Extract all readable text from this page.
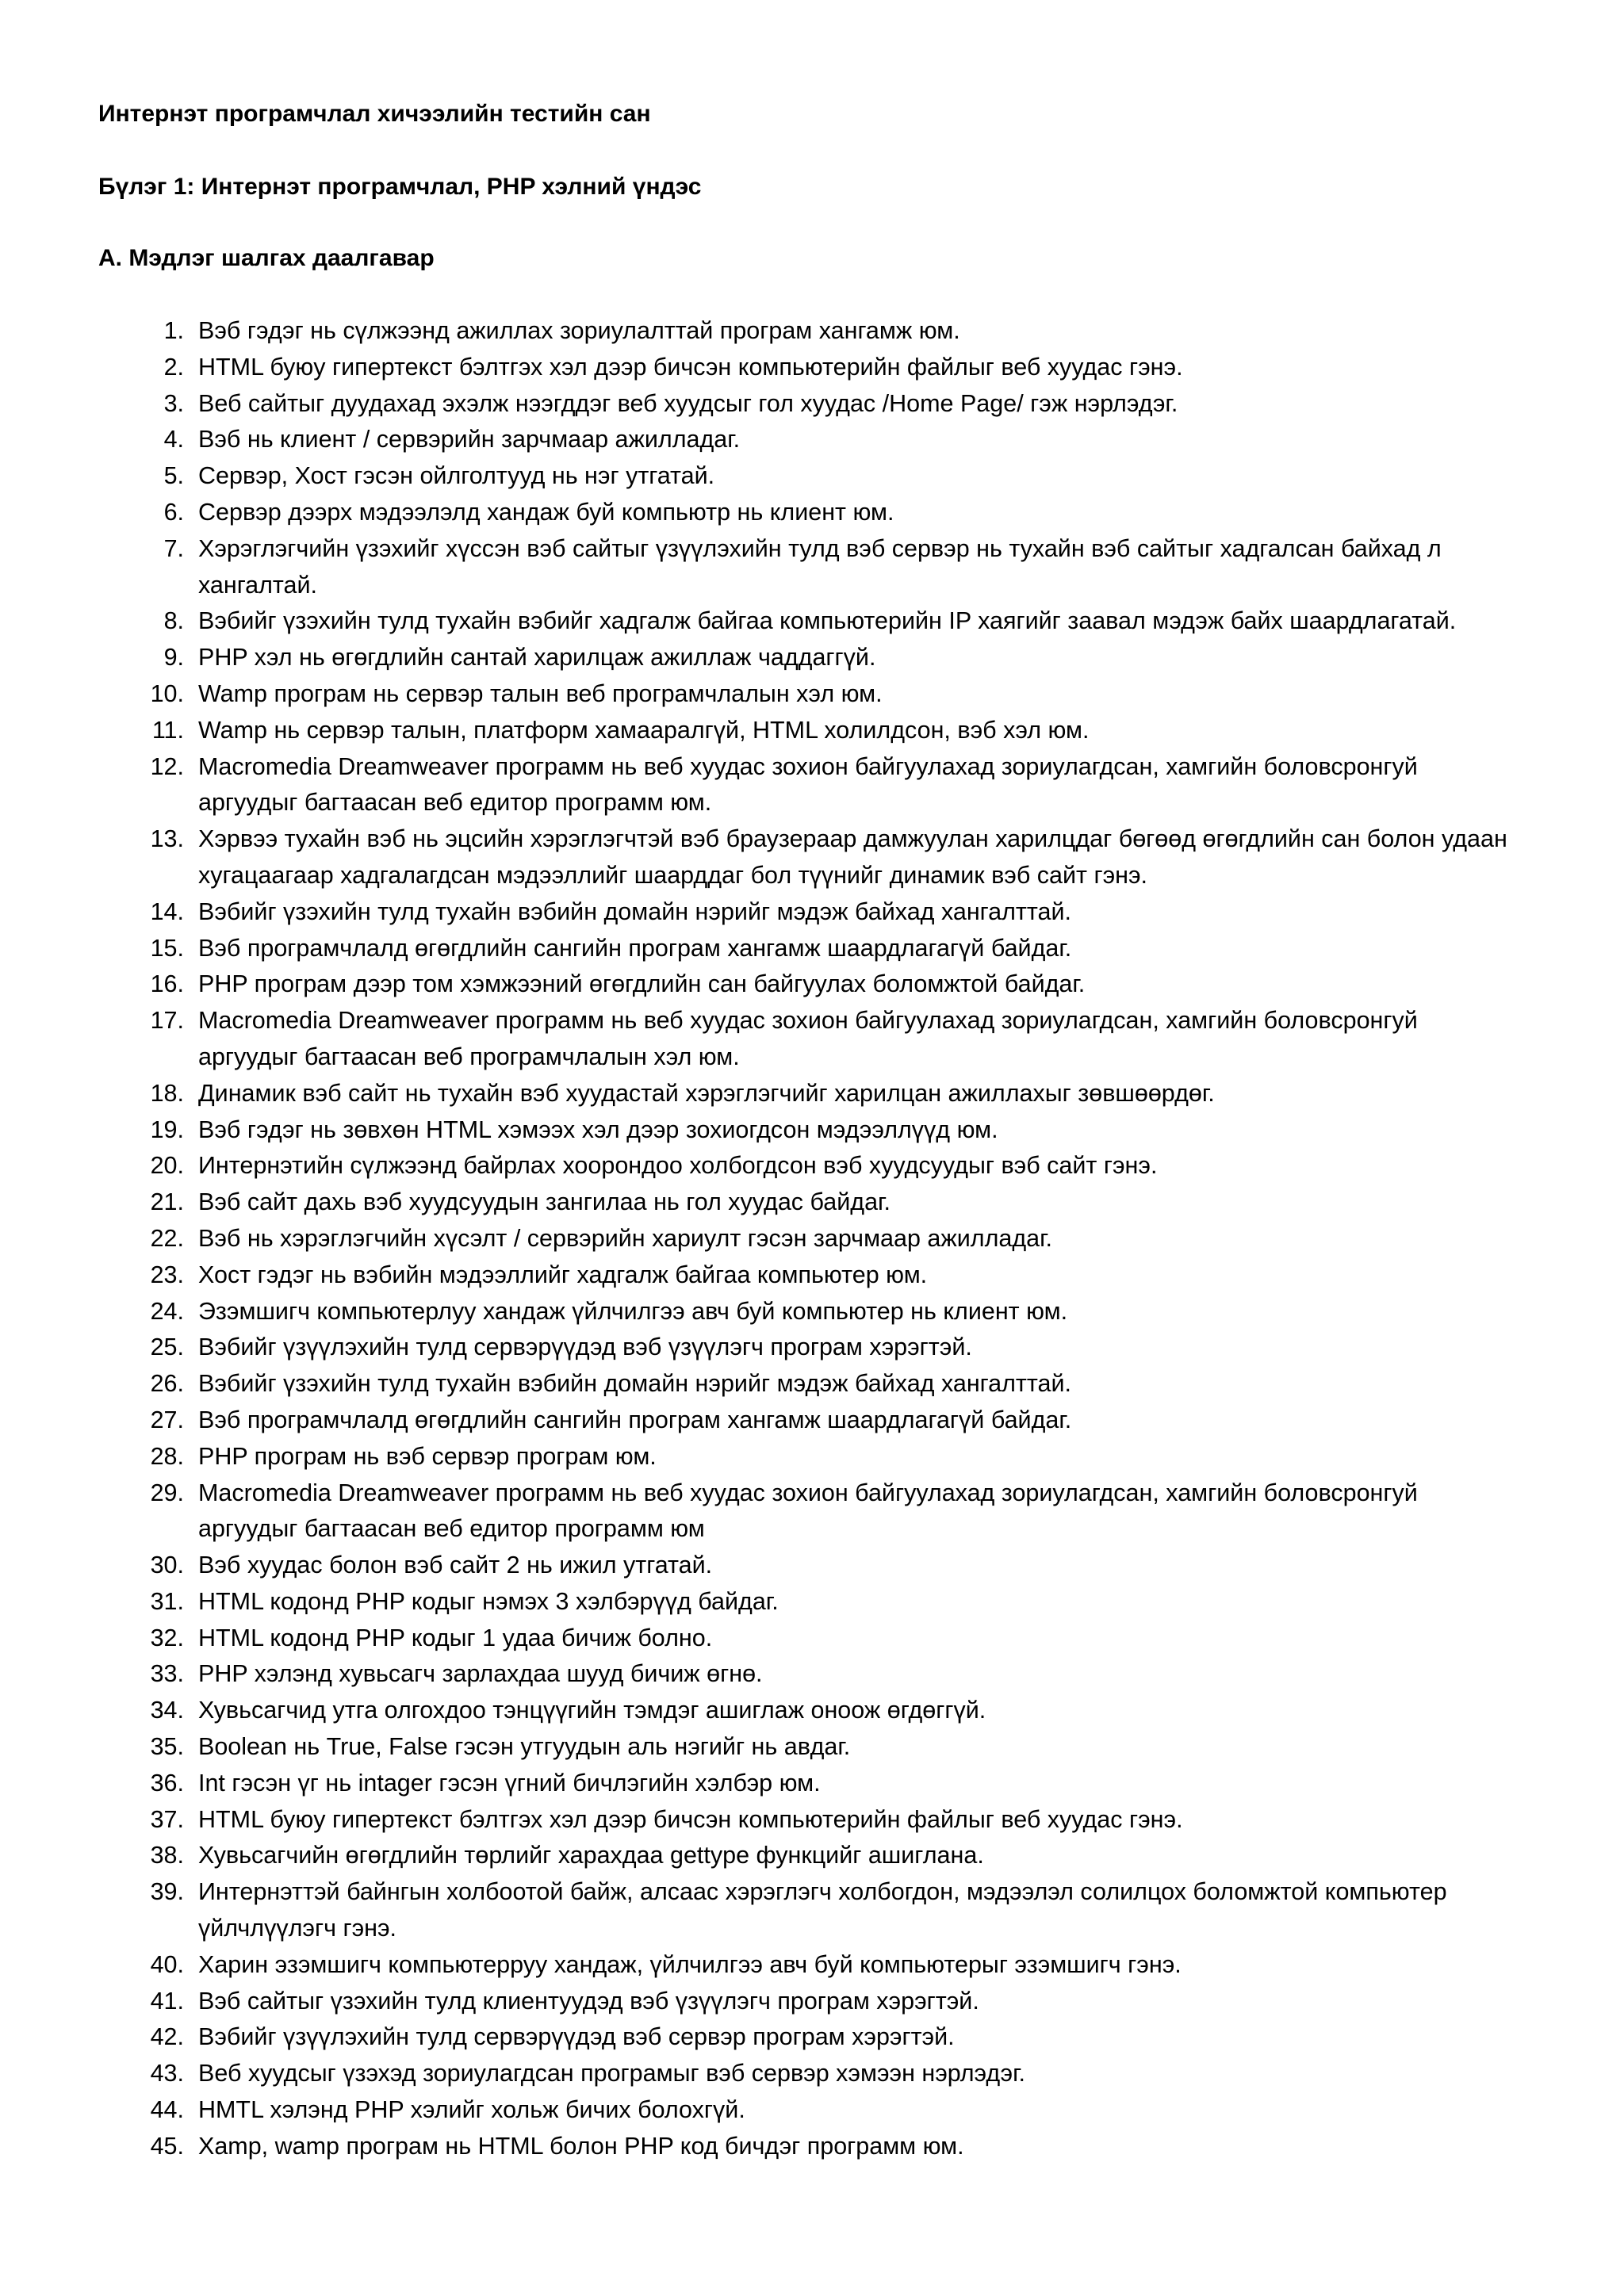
Интернэт програмчлал хичээлийн тестийн сан

Бүлэг 1: Интернэт програмчлал, PHP хэлний үндэс

А. Мэдлэг шалгах даалгавар

1. Вэб гэдэг нь сүлжээнд ажиллах зориулалттай програм хангамж юм.
2. HTML буюу гипертекст бэлтгэх хэл дээр бичсэн компьютерийн файлыг веб хуудас гэнэ.
3. Веб сайтыг дуудахад эхэлж нээгддэг веб хуудсыг гол хуудас /Home Page/ гэж нэрлэдэг.
4. Вэб нь клиент / сервэрийн зарчмаар ажилладаг.
5. Сервэр, Хост гэсэн ойлголтууд нь нэг утгатай.
6. Сервэр дээрх мэдээлэлд хандаж буй компьютр нь клиент юм.
7. Хэрэглэгчийн үзэхийг хүссэн вэб сайтыг үзүүлэхийн тулд вэб сервэр нь тухайн вэб сайтыг хадгалсан байхад л хангалтай.
8. Вэбийг үзэхийн тулд тухайн вэбийг хадгалж байгаа компьютерийн IP хаягийг заавал мэдэж байх шаардлагатай.
9. PHP хэл нь өгөгдлийн сантай харилцаж ажиллаж чаддаггүй.
10. Wamp програм нь сервэр талын веб програмчлалын хэл юм.
11. Wamp нь сервэр талын, платформ хамааралгүй, HTML холилдсон, вэб хэл юм.
12. Macromedia Dreamweaver программ нь веб хуудас зохион байгуулахад зориулагдсан, хамгийн боловсронгуй аргуудыг багтаасан веб едитор программ юм.
13. Хэрвээ тухайн вэб нь эцсийн хэрэглэгчтэй вэб браузераар дамжуулан харилцдаг бөгөөд өгөгдлийн сан болон удаан хугацаагаар хадгалагдсан мэдээллийг шаарддаг бол түүнийг динамик вэб сайт гэнэ.
14. Вэбийг үзэхийн тулд тухайн вэбийн домайн нэрийг мэдэж байхад хангалттай.
15. Вэб програмчлалд өгөгдлийн сангийн програм хангамж шаардлагагүй байдаг.
16. PHP програм дээр том хэмжээний өгөгдлийн сан байгуулах боломжтой байдаг.
17. Macromedia Dreamweaver программ нь веб хуудас зохион байгуулахад зориулагдсан, хамгийн боловсронгуй аргуудыг багтаасан веб програмчлалын хэл юм.
18. Динамик вэб сайт нь тухайн вэб хуудастай хэрэглэгчийг харилцан ажиллахыг зөвшөөрдөг.
19. Вэб гэдэг нь зөвхөн HTML хэмээх хэл дээр зохиогдсон мэдээллүүд юм.
20. Интернэтийн сүлжээнд байрлах хоорондоо холбогдсон вэб хуудсуудыг вэб сайт гэнэ.
21. Вэб сайт дахь вэб хуудсуудын зангилаа нь гол хуудас байдаг.
22. Вэб нь хэрэглэгчийн хүсэлт / сервэрийн хариулт гэсэн зарчмаар ажилладаг.
23. Хост гэдэг нь вэбийн мэдээллийг хадгалж байгаа компьютер юм.
24. Эзэмшигч компьютерлуу хандаж үйлчилгээ авч буй компьютер нь клиент юм.
25. Вэбийг үзүүлэхийн тулд сервэрүүдэд вэб үзүүлэгч програм хэрэгтэй.
26. Вэбийг үзэхийн тулд тухайн вэбийн домайн нэрийг мэдэж байхад хангалттай.
27. Вэб програмчлалд өгөгдлийн сангийн програм хангамж шаардлагагүй байдаг.
28. PHP програм нь вэб сервэр програм юм.
29. Macromedia Dreamweaver программ нь веб хуудас зохион байгуулахад зориулагдсан, хамгийн боловсронгуй аргуудыг багтаасан веб едитор программ юм
30. Вэб хуудас болон вэб сайт 2 нь ижил утгатай.
31. HTML кодонд PHP кодыг нэмэх 3 хэлбэрүүд байдаг.
32. HTML кодонд PHP кодыг 1 удаа бичиж болно.
33. PHP хэлэнд хувьсагч зарлахдаа шууд бичиж өгнө.
34. Хувьсагчид утга олгохдоо тэнцүүгийн тэмдэг ашиглаж оноож өгдөггүй.
35. Boolean нь True, False гэсэн утгуудын аль нэгийг нь авдаг.
36. Int гэсэн үг нь intager гэсэн үгний бичлэгийн хэлбэр юм.
37. HTML буюу гипертекст бэлтгэх хэл дээр бичсэн компьютерийн файлыг веб хуудас гэнэ.
38. Хувьсагчийн өгөгдлийн төрлийг харахдаа gettype функцийг ашиглана.
39. Интернэттэй байнгын холбоотой байж, алсаас хэрэглэгч холбогдон, мэдээлэл солилцох боломжтой компьютер үйлчлүүлэгч гэнэ.
40. Харин эзэмшигч компьютерруу хандаж, үйлчилгээ авч буй компьютерыг эзэмшигч гэнэ.
41. Вэб сайтыг үзэхийн тулд клиентуудэд вэб үзүүлэгч програм хэрэгтэй.
42. Вэбийг үзүүлэхийн тулд сервэрүүдэд вэб сервэр програм хэрэгтэй.
43. Веб хуудсыг үзэхэд зориулагдсан програмыг вэб сервэр хэмээн нэрлэдэг.
44. HMTL хэлэнд PHP хэлийг хольж бичих болохгүй.
45. Xamp, wamp програм нь HTML болон PHP код бичдэг программ юм.
